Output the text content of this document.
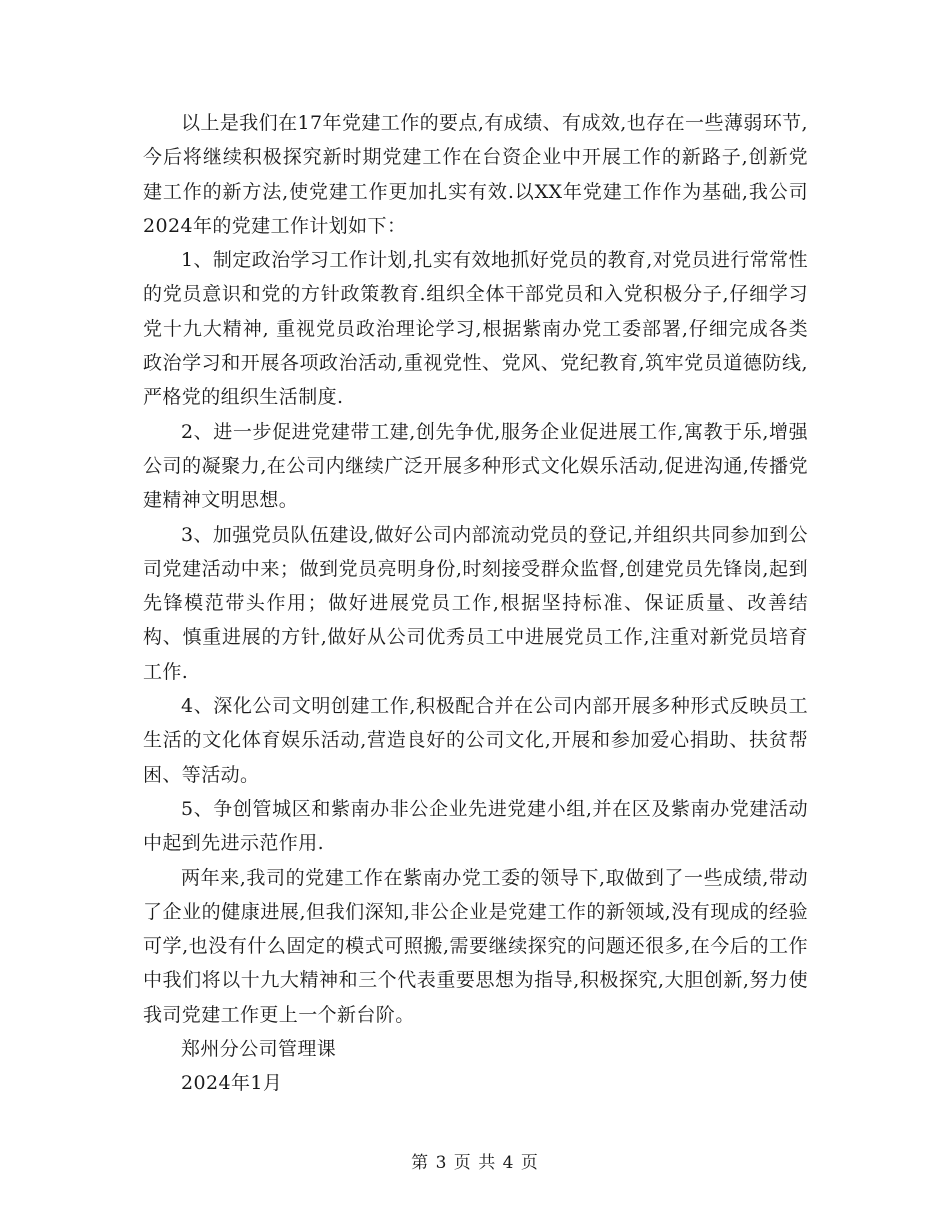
以上是我们在17年党建工作的要点,有成绩、有成效,也存在一些薄弱环节,今后将继续积极探究新时期党建工作在台资企业中开展工作的新路子,创新党建工作的新方法,使党建工作更加扎实有效.以XX年党建工作作为基础,我公司2024年的党建工作计划如下：

1、制定政治学习工作计划,扎实有效地抓好党员的教育,对党员进行常常性的党员意识和党的方针政策教育.组织全体干部党员和入党积极分子,仔细学习党十九大精神, 重视党员政治理论学习,根据紫南办党工委部署,仔细完成各类政治学习和开展各项政治活动,重视党性、党风、党纪教育,筑牢党员道德防线,严格党的组织生活制度.

2、进一步促进党建带工建,创先争优,服务企业促进展工作,寓教于乐,增强公司的凝聚力,在公司内继续广泛开展多种形式文化娱乐活动,促进沟通,传播党建精神文明思想。

3、加强党员队伍建设,做好公司内部流动党员的登记,并组织共同参加到公司党建活动中来；做到党员亮明身份,时刻接受群众监督,创建党员先锋岗,起到先锋模范带头作用；做好进展党员工作,根据坚持标准、保证质量、改善结构、慎重进展的方针,做好从公司优秀员工中进展党员工作,注重对新党员培育工作.

4、深化公司文明创建工作,积极配合并在公司内部开展多种形式反映员工生活的文化体育娱乐活动,营造良好的公司文化,开展和参加爱心捐助、扶贫帮困、等活动。

5、争创管城区和紫南办非公企业先进党建小组,并在区及紫南办党建活动中起到先进示范作用.

两年来,我司的党建工作在紫南办党工委的领导下,取做到了一些成绩,带动了企业的健康进展,但我们深知,非公企业是党建工作的新领域,没有现成的经验可学,也没有什么固定的模式可照搬,需要继续探究的问题还很多,在今后的工作中我们将以十九大精神和三个代表重要思想为指导,积极探究,大胆创新,努力使我司党建工作更上一个新台阶。

郑州分公司管理课

2024年1月

第 3 页 共 4 页
